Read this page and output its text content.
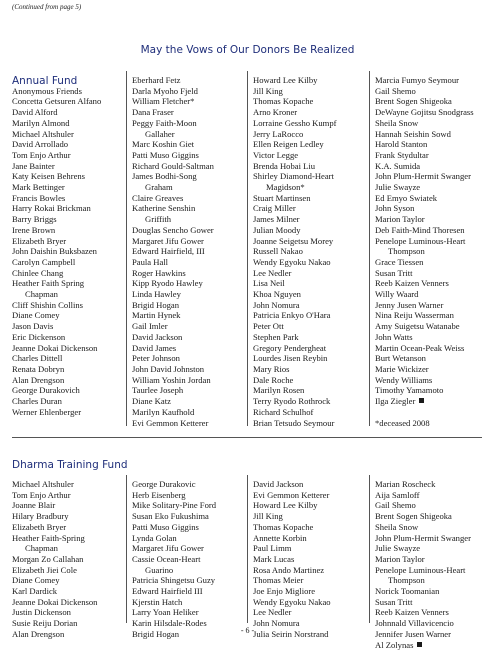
(Continued from page 5)
May the Vows of Our Donors Be Realized
Annual Fund

Anonymous Friends
Concetta Getsuren Alfano
David Alford
Marilyn Almond
Michael Altshuler
David Arrollado
Tom Enjo Arthur
Jane Bainter
Katy Keisen Behrens
Mark Bettinger
Francis Bowles
Harry Rokai Brickman
Barry Briggs
Irene Brown
Elizabeth Bryer
John Daishin Buksbazen
Carolyn Campbell
Chinlee Chang
Heather Faith Spring
Chapman
Cliff Shishin Collins
Diane Comey
Jason Davis
Eric Dickenson
Jeanne Dokai Dickenson
Charles Dittell
Renata Dobryn
Alan Drengson
George Durakovich
Charles Duran
Werner Ehlenberger
Eberhard Fetz
Darla Myoho Fjeld
William Fletcher*
Dana Fraser
Peggy Faith-Moon
Gallaher
Marc Koshin Giet
Patti Muso Giggins
Richard Gould-Saltman
James Bodhi-Song
Graham
Claire Greaves
Katherine Senshin
Griffith
Douglas Sencho Gower
Margaret Jifu Gower
Edward Hairfield, III
Paula Hall
Roger Hawkins
Kipp Ryodo Hawley
Linda Hawley
Brigid Hogan
Martin Hynek
Gail Imler
David Jackson
David James
Peter Johnson
John David Johnston
William Yoshin Jordan
Taurlee Joseph
Diane Katz
Marilyn Kaufhold
Evi Gemmon Ketterer
Howard Lee Kilby
Jill King
Thomas Kopache
Arno Kroner
Lorraine Gessho Kumpf
Jerry LaRocco
Ellen Reigen Ledley
Victor Legge
Brenda Hobai Liu
Shirley Diamond-Heart
Magidson*
Stuart Martinsen
Craig Miller
James Milner
Julian Moody
Joanne Seigetsu Morey
Russell Nakao
Wendy Egyoku Nakao
Lee Nedler
Lisa Neil
Khoa Nguyen
John Nomura
Patricia Enkyo O'Hara
Peter Ott
Stephen Park
Gregory Pendergheat
Lourdes Jisen Reybin
Mary Rios
Dale Roche
Marilyn Rosen
Terry Ryodo Rothrock
Richard Schulhof
Brian Tetsudo Seymour
Marcia Fumyo Seymour
Gail Shemo
Brent Sogen Shigeoka
DeWayne Gojitsu Snodgrass
Sheila Snow
Hannah Seishin Sowd
Harold Stanton
Frank Stydultar
K.A. Sumida
John Plum-Hermit Swanger
Julie Swayze
Ed Emyo Swiatek
John Syson
Marion Taylor
Deb Faith-Mind Thoresen
Penelope Luminous-Heart
Thompson
Grace Tiessen
Susan Tritt
Reeb Kaizen Venners
Willy Waard
Jenny Jusen Warner
Nina Reiju Wasserman
Amy Suigetsu Watanabe
John Watts
Martin Ocean-Peak Weiss
Burt Wetanson
Marie Wickizer
Wendy Williams
Timothy Yamamoto
Ilga Ziegler

*deceased 2008
Dharma Training Fund
Michael Altshuler
Tom Enjo Arthur
Joanne Blair
Hilary Bradbury
Elizabeth Bryer
Heather Faith-Spring
Chapman
Morgan Zo Callahan
Elizabeth Jiei Cole
Diane Comey
Karl Dardick
Jeanne Dokai Dickenson
Justin Dickenson
Susie Reiju Dorian
Alan Drengson
George Durakovic
Herb Eisenberg
Mike Solitary-Pine Ford
Susan Eko Fukushima
Patti Muso Giggins
Lynda Golan
Margaret Jifu Gower
Cassie Ocean-Heart
Guarino
Patricia Shingetsu Guzy
Edward Hairfield III
Kjerstin Hatch
Larry Yoan Heliker
Karin Hilsdale-Rodes
Brigid Hogan
David Jackson
Evi Gemmon Ketterer
Howard Lee Kilby
Jill King
Thomas Kopache
Annette Korbin
Paul Limm
Mark Lucas
Rosa Ando Martinez
Thomas Meier
Joe Enjo Migliore
Wendy Egyoku Nakao
Lee Nedler
John Nomura
Julia Seirin Norstrand
Marian Roscheck
Aija Samloff
Gail Shemo
Brent Sogen Shigeoka
Sheila Snow
John Plum-Hermit Swanger
Julie Swayze
Marion Taylor
Penelope Luminous-Heart
Thompson
Norick Toomanian
Susan Tritt
Reeb Kaizen Venners
Johnnald Villavicencio
Jennifer Jusen Warner
Al Zolynas
- 6 -
